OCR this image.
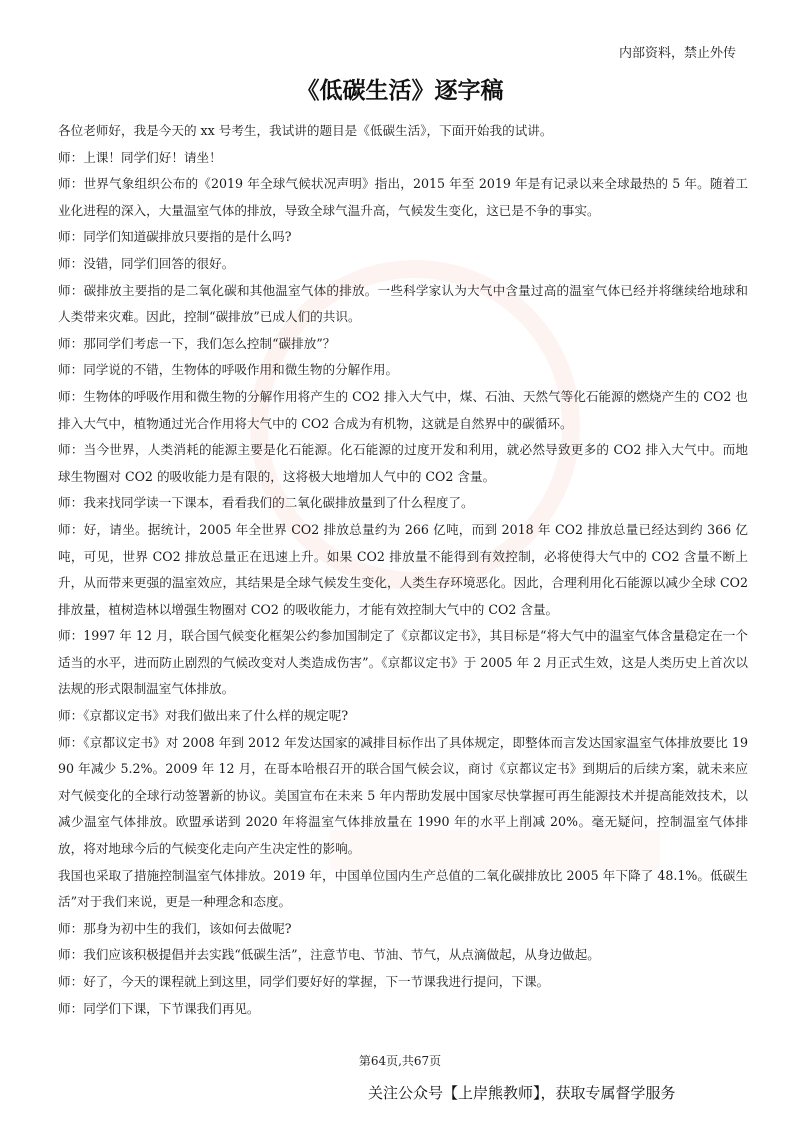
内部资料，禁止外传
《低碳生活》逐字稿

各位老师好，我是今天的 xx 号考生，我试讲的题目是《低碳生活》，下面开始我的试讲。

师：上课！同学们好！请坐！

师：世界气象组织公布的《2019 年全球气候状况声明》指出，2015 年至 2019 年是有记录以来全球最热的 5 年。随着工业化进程的深入，大量温室气体的排放，导致全球气温升高，气候发生变化，这已是不争的事实。

师：同学们知道碳排放只要指的是什么吗?

师：没错，同学们回答的很好。

师：碳排放主要指的是二氧化碳和其他温室气体的排放。一些科学家认为大气中含量过高的温室气体已经并将继续给地球和人类带来灾难。因此，控制“碳排放”已成人们的共识。

师：那同学们考虑一下，我们怎么控制“碳排放”？

师：同学说的不错，生物体的呼吸作用和微生物的分解作用。

师：生物体的呼吸作用和微生物的分解作用将产生的 CO2 排入大气中，煤、石油、天然气等化石能源的燃烧产生的 CO2 也排入大气中，植物通过光合作用将大气中的 CO2 合成为有机物，这就是自然界中的碳循环。

师：当今世界，人类消耗的能源主要是化石能源。化石能源的过度开发和利用，就必然导致更多的 CO2 排入大气中。而地球生物圈对 CO2 的吸收能力是有限的，这将极大地增加人气中的 CO2 含量。

师：我来找同学读一下课本，看看我们的二氧化碳排放量到了什么程度了。

师：好，请坐。据统计，2005 年全世界 CO2 排放总量约为 266 亿吨，而到 2018 年 CO2 排放总量已经达到约 366 亿吨，可见，世界 CO2 排放总量正在迅速上升。如果 CO2 排放量不能得到有效控制，必将使得大气中的 CO2 含量不断上升，从而带来更强的温室效应，其结果是全球气候发生变化，人类生存环境恶化。因此，合理利用化石能源以减少全球 CO2 排放量，植树造林以增强生物圈对 CO2 的吸收能力，才能有效控制大气中的 CO2 含量。

师：1997 年 12 月，联合国气候变化框架公约参加国制定了《京都议定书》，其目标是“将大气中的温室气体含量稳定在一个适当的水平，进而防止剧烈的气候改变对人类造成伤害”。《京都议定书》于 2005 年 2 月正式生效，这是人类历史上首次以法规的形式限制温室气体排放。

师：《京都议定书》对我们做出来了什么样的规定呢?

师：《京都议定书》对 2008 年到 2012 年发达国家的减排目标作出了具体规定，即整体而言发达国家温室气体排放要比 1990 年减少 5.2%。2009 年 12 月，在哥本哈根召开的联合国气候会议，商讨《京都议定书》到期后的后续方案，就未来应对气候变化的全球行动签署新的协议。美国宣布在未来 5 年内帮助发展中国家尽快掌握可再生能源技术并提高能效技术，以减少温室气体排放。欧盟承诺到 2020 年将温室气体排放量在 1990 年的水平上削减 20%。毫无疑问，控制温室气体排放，将对地球今后的气候变化走向产生决定性的影响。

我国也采取了措施控制温室气体排放。2019 年，中国单位国内生产总值的二氧化碳排放比 2005 年下降了 48.1%。低碳生活”对于我们来说，更是一种理念和态度。

师：那身为初中生的我们，该如何去做呢?

师：我们应该积极提倡并去实践“低碳生活”，注意节电、节油、节气，从点滴做起，从身边做起。

师：好了，今天的课程就上到这里，同学们要好好的掌握，下一节课我进行提问，下课。

师：同学们下课，下节课我们再见。

第64页,共67页
关注公众号【上岸熊教师】，获取专属督学服务
